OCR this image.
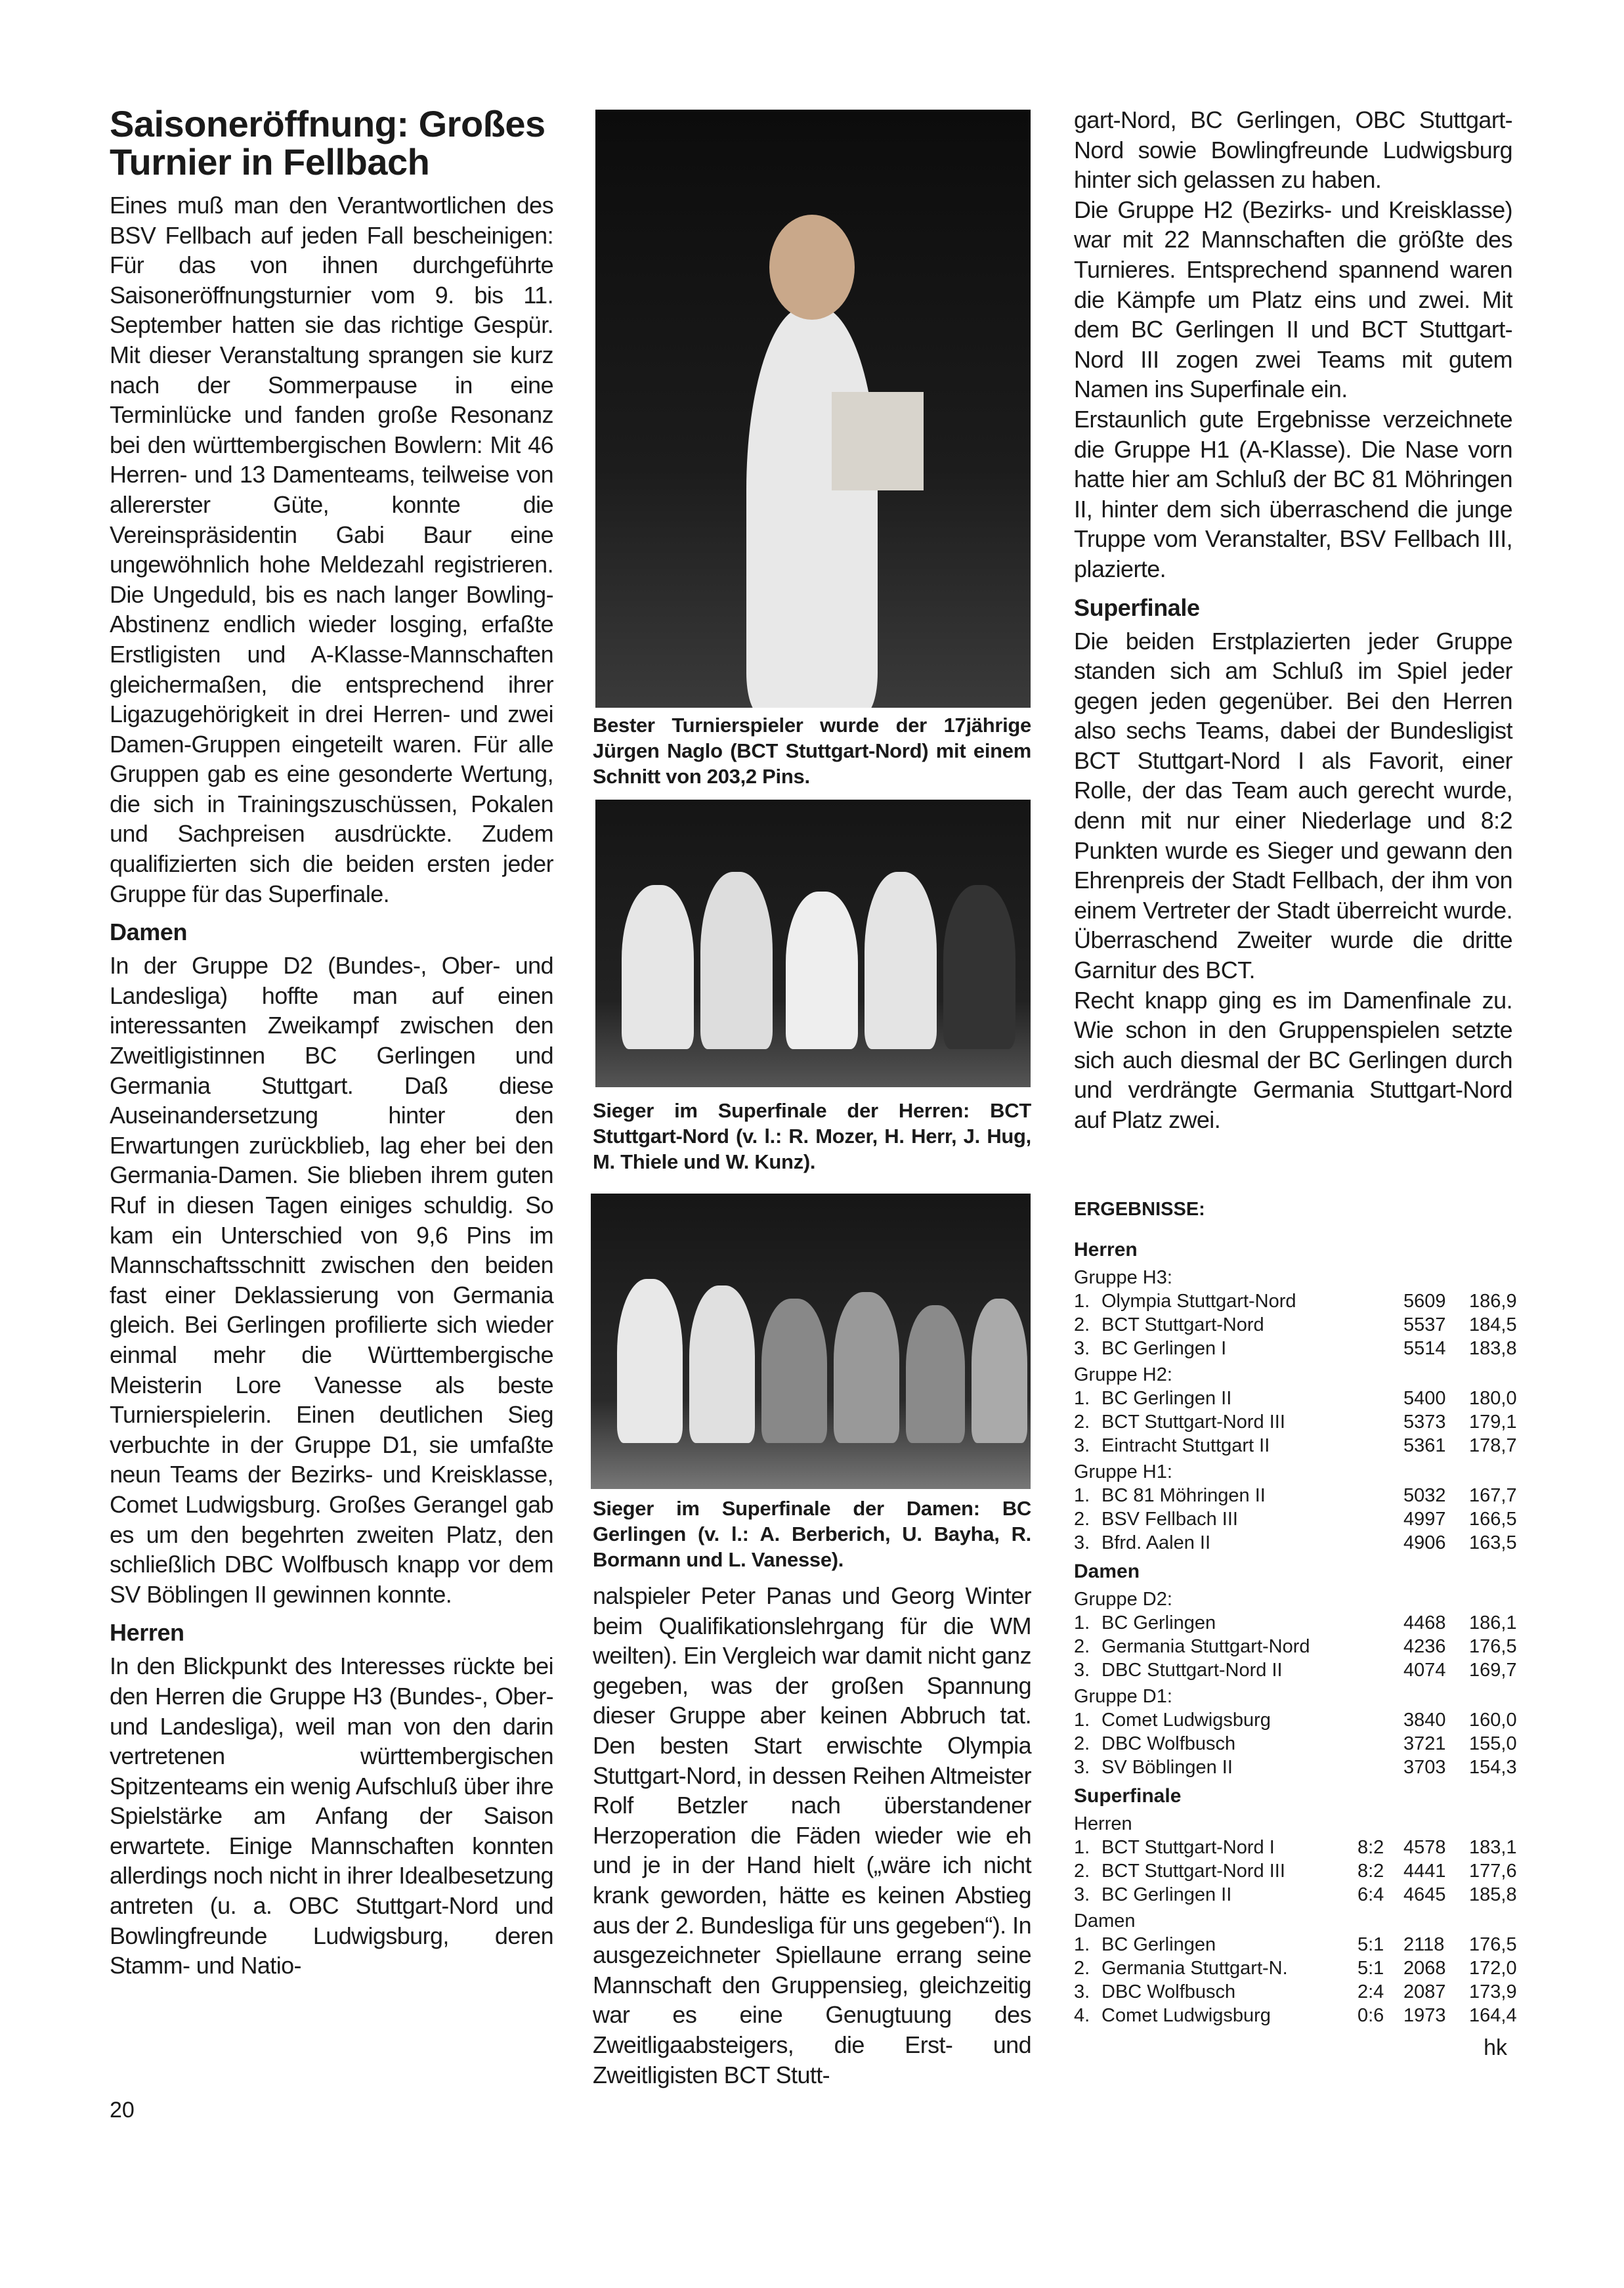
Saisoneröffnung: Großes Turnier in Fellbach

Eines muß man den Verantwortlichen des BSV Fellbach auf jeden Fall bescheinigen: Für das von ihnen durchgeführte Saisoneröffnungsturnier vom 9. bis 11. September hatten sie das richtige Gespür. Mit dieser Veranstaltung sprangen sie kurz nach der Sommerpause in eine Terminlücke und fanden große Resonanz bei den württembergischen Bowlern: Mit 46 Herren- und 13 Damenteams, teilweise von allererster Güte, konnte die Vereinspräsidentin Gabi Baur eine ungewöhnlich hohe Meldezahl registrieren. Die Ungeduld, bis es nach langer Bowling-Abstinenz endlich wieder losging, erfaßte Erstligisten und A-Klasse-Mannschaften gleichermaßen, die entsprechend ihrer Ligazugehörigkeit in drei Herren- und zwei Damen-Gruppen eingeteilt waren. Für alle Gruppen gab es eine gesonderte Wertung, die sich in Trainingszuschüssen, Pokalen und Sachpreisen ausdrückte. Zudem qualifizierten sich die beiden ersten jeder Gruppe für das Superfinale.

Damen

In der Gruppe D2 (Bundes-, Ober- und Landesliga) hoffte man auf einen interessanten Zweikampf zwischen den Zweitligistinnen BC Gerlingen und Germania Stuttgart. Daß diese Auseinandersetzung hinter den Erwartungen zurückblieb, lag eher bei den Germania-Damen. Sie blieben ihrem guten Ruf in diesen Tagen einiges schuldig. So kam ein Unterschied von 9,6 Pins im Mannschaftsschnitt zwischen den beiden fast einer Deklassierung von Germania gleich. Bei Gerlingen profilierte sich wieder einmal mehr die Württembergische Meisterin Lore Vanesse als beste Turnierspielerin. Einen deutlichen Sieg verbuchte in der Gruppe D1, sie umfaßte neun Teams der Bezirks- und Kreisklasse, Comet Ludwigsburg. Großes Gerangel gab es um den begehrten zweiten Platz, den schließlich DBC Wolfbusch knapp vor dem SV Böblingen II gewinnen konnte.

Herren

In den Blickpunkt des Interesses rückte bei den Herren die Gruppe H3 (Bundes-, Ober- und Landesliga), weil man von den darin vertretenen württembergischen Spitzenteams ein wenig Aufschluß über ihre Spielstärke am Anfang der Saison erwartete. Einige Mannschaften konnten allerdings noch nicht in ihrer Idealbesetzung antreten (u. a. OBC Stuttgart-Nord und Bowlingfreunde Ludwigsburg, deren Stamm- und Natio-

Bester Turnierspieler wurde der 17jährige Jürgen Naglo (BCT Stuttgart-Nord) mit einem Schnitt von 203,2 Pins.
Sieger im Superfinale der Herren: BCT Stuttgart-Nord (v. l.: R. Mozer, H. Herr, J. Hug, M. Thiele und W. Kunz).
Sieger im Superfinale der Damen: BC Gerlingen (v. l.: A. Berberich, U. Bayha, R. Bormann und L. Vanesse).

nalspieler Peter Panas und Georg Winter beim Qualifikationslehrgang für die WM weilten). Ein Vergleich war damit nicht ganz gegeben, was der großen Spannung dieser Gruppe aber keinen Abbruch tat. Den besten Start erwischte Olympia Stuttgart-Nord, in dessen Reihen Altmeister Rolf Betzler nach überstandener Herzoperation die Fäden wieder wie eh und je in der Hand hielt („wäre ich nicht krank geworden, hätte es keinen Abstieg aus der 2. Bundesliga für uns gegeben“). In ausgezeichneter Spiellaune errang seine Mannschaft den Gruppensieg, gleichzeitig war es eine Genugtuung des Zweitligaabsteigers, die Erst- und Zweitligisten BCT Stutt-

gart-Nord, BC Gerlingen, OBC Stuttgart-Nord sowie Bowlingfreunde Ludwigsburg hinter sich gelassen zu haben.

Die Gruppe H2 (Bezirks- und Kreisklasse) war mit 22 Mannschaften die größte des Turnieres. Entsprechend spannend waren die Kämpfe um Platz eins und zwei. Mit dem BC Gerlingen II und BCT Stuttgart-Nord III zogen zwei Teams mit gutem Namen ins Superfinale ein.

Erstaunlich gute Ergebnisse verzeichnete die Gruppe H1 (A-Klasse). Die Nase vorn hatte hier am Schluß der BC 81 Möhringen II, hinter dem sich überraschend die junge Truppe vom Veranstalter, BSV Fellbach III, plazierte.

Superfinale

Die beiden Erstplazierten jeder Gruppe standen sich am Schluß im Spiel jeder gegen jeden gegenüber. Bei den Herren also sechs Teams, dabei der Bundesligist BCT Stuttgart-Nord I als Favorit, einer Rolle, der das Team auch gerecht wurde, denn mit nur einer Niederlage und 8:2 Punkten wurde es Sieger und gewann den Ehrenpreis der Stadt Fellbach, der ihm von einem Vertreter der Stadt überreicht wurde. Überraschend Zweiter wurde die dritte Garnitur des BCT.

Recht knapp ging es im Damenfinale zu. Wie schon in den Gruppenspielen setzte sich auch diesmal der BC Gerlingen durch und verdrängte Germania Stuttgart-Nord auf Platz zwei.

ERGEBNISSE:
Herren
Gruppe H3:
1. Olympia Stuttgart-Nord	5609	186,9
2. BCT Stuttgart-Nord	5537	184,5
3. BC Gerlingen I	5514	183,8
Gruppe H2:
1. BC Gerlingen II	5400	180,0
2. BCT Stuttgart-Nord III	5373	179,1
3. Eintracht Stuttgart II	5361	178,7
Gruppe H1:
1. BC 81 Möhringen II	5032	167,7
2. BSV Fellbach III	4997	166,5
3. Bfrd. Aalen II	4906	163,5
Damen
Gruppe D2:
1. BC Gerlingen	4468	186,1
2. Germania Stuttgart-Nord	4236	176,5
3. DBC Stuttgart-Nord II	4074	169,7
Gruppe D1:
1. Comet Ludwigsburg	3840	160,0
2. DBC Wolfbusch	3721	155,0
3. SV Böblingen II	3703	154,3
Superfinale
Herren
1. BCT Stuttgart-Nord I	8:2	4578	183,1
2. BCT Stuttgart-Nord III	8:2	4441	177,6
3. BC Gerlingen II	6:4	4645	185,8
Damen
1. BC Gerlingen	5:1	2118	176,5
2. Germania Stuttgart-N.	5:1	2068	172,0
3. DBC Wolfbusch	2:4	2087	173,9
4. Comet Ludwigsburg	0:6	1973	164,4
hk
20
